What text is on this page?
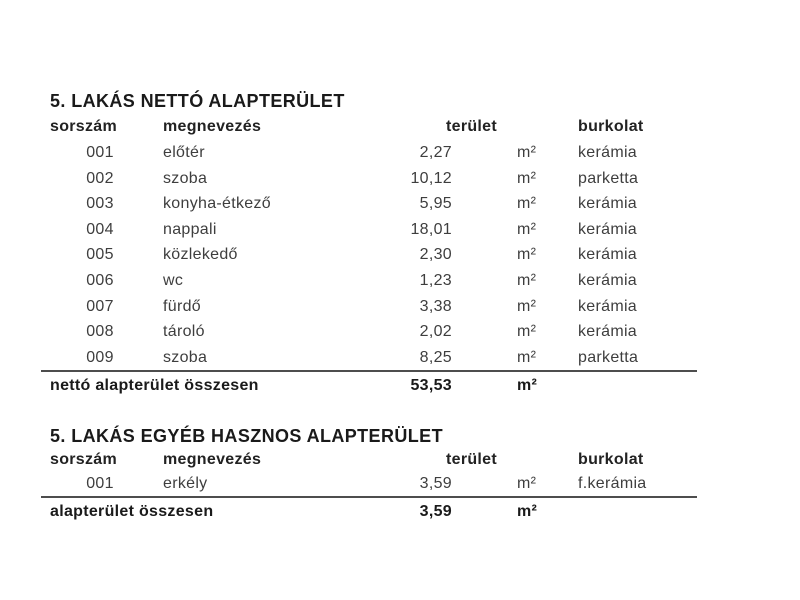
5. LAKÁS NETTÓ ALAPTERÜLET
sorszám	megnevezés	terület	burkolat
001	előtér	2,27	m²	kerámia
002	szoba	10,12	m²	parketta
003	konyha-étkező	5,95	m²	kerámia
004	nappali	18,01	m²	kerámia
005	közlekedő	2,30	m²	kerámia
006	wc	1,23	m²	kerámia
007	fürdő	3,38	m²	kerámia
008	tároló	2,02	m²	kerámia
009	szoba	8,25	m²	parketta
nettó alapterület összesen	53,53	m²
5. LAKÁS EGYÉB HASZNOS ALAPTERÜLET
sorszám	megnevezés	terület	burkolat
001	erkély	3,59	m²	f.kerámia
alapterület összesen	3,59	m²
